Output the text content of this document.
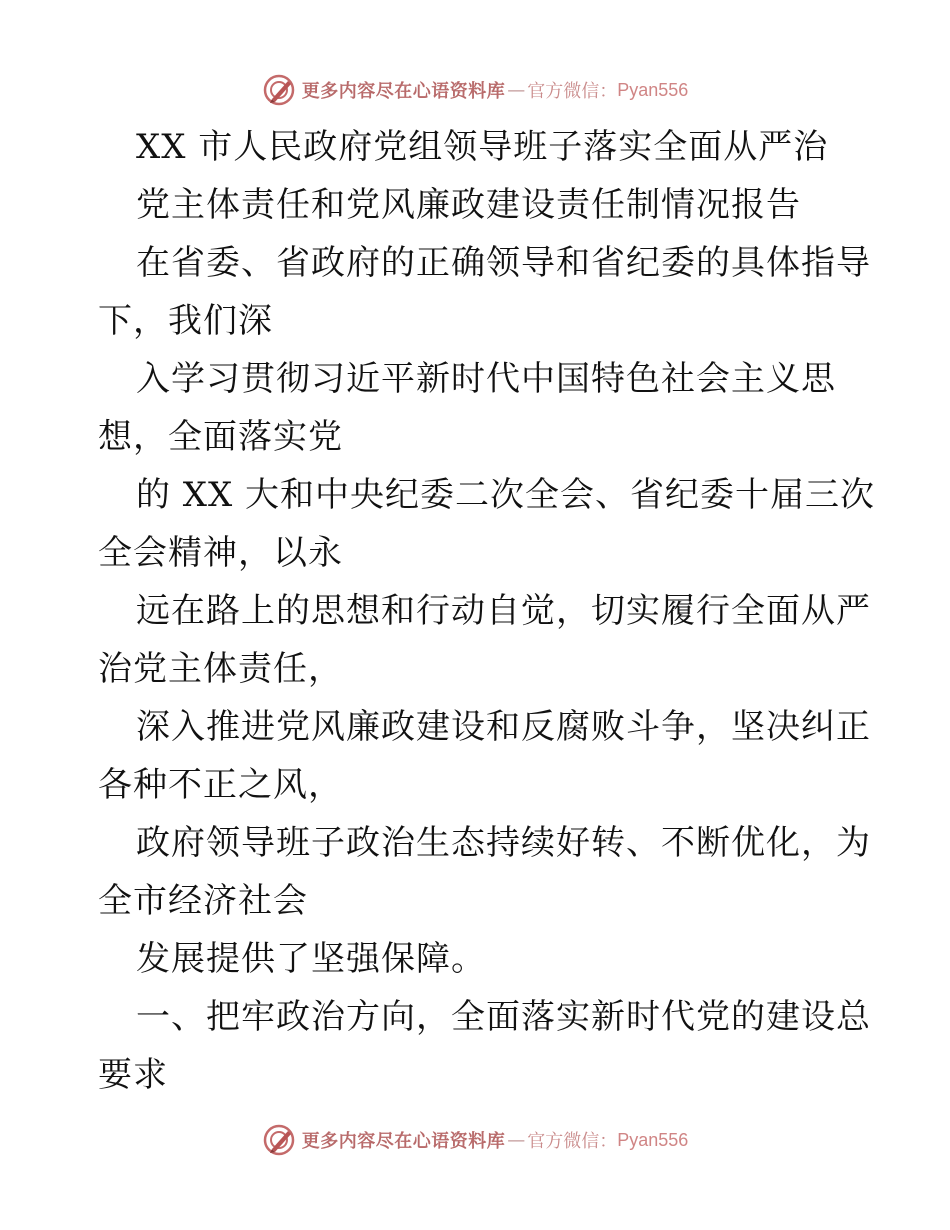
更多内容尽在心语资料库 — 官方微信： Pyan556
XX 市人民政府党组领导班子落实全面从严治
党主体责任和党风廉政建设责任制情况报告
在省委、省政府的正确领导和省纪委的具体指导
下，我们深
入学习贯彻习近平新时代中国特色社会主义思
想，全面落实党
的 XX 大和中央纪委二次全会、省纪委十届三次
全会精神，以永
远在路上的思想和行动自觉，切实履行全面从严
治党主体责任，
深入推进党风廉政建设和反腐败斗争，坚决纠正
各种不正之风，
政府领导班子政治生态持续好转、不断优化，为
全市经济社会
发展提供了坚强保障。
一、把牢政治方向，全面落实新时代党的建设总
要求
更多内容尽在心语资料库 — 官方微信： Pyan556
